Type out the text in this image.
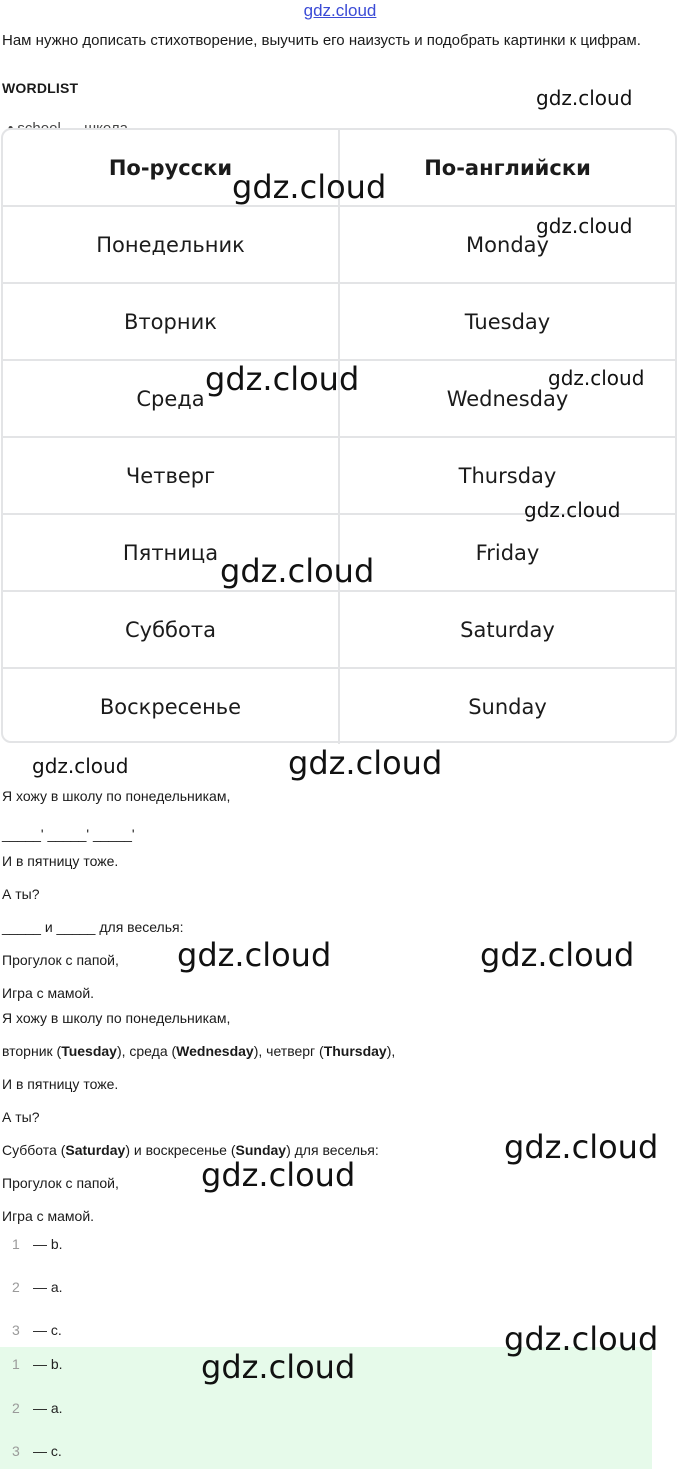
gdz.cloud
Нам нужно дописать стихотворение, выучить его наизусть и подобрать картинки к цифрам.
WORDLIST
По-русски	По-английски
Понедельник	Monday
Вторник	Tuesday
Среда	Wednesday
Четверг	Thursday
Пятница	Friday
Суббота	Saturday
Воскресенье	Sunday
Я хожу в школу по понедельникам,
_____' _____' _____'
И в пятницу тоже.
А ты?
_____ и _____ для веселья:
Прогулок с папой,
Игра с мамой.
Я хожу в школу по понедельникам,
вторник (Tuesday), среда (Wednesday), четверг (Thursday),
И в пятницу тоже.
А ты?
Суббота (Saturday) и воскресенье (Sunday) для веселья:
Прогулок с папой,
Игра с мамой.
1 — b.
2 — a.
3 — c.
1 — b.
2 — a.
3 — c.
gdz.cloud
gdz.cloud
gdz.cloud
gdz.cloud	gdz.cloud
gdz.cloud
gdz.cloud
gdz.cloud	gdz.cloud
gdz.cloud	gdz.cloud
gdz.cloud
gdz.cloud
gdz.cloud
gdz.cloud
